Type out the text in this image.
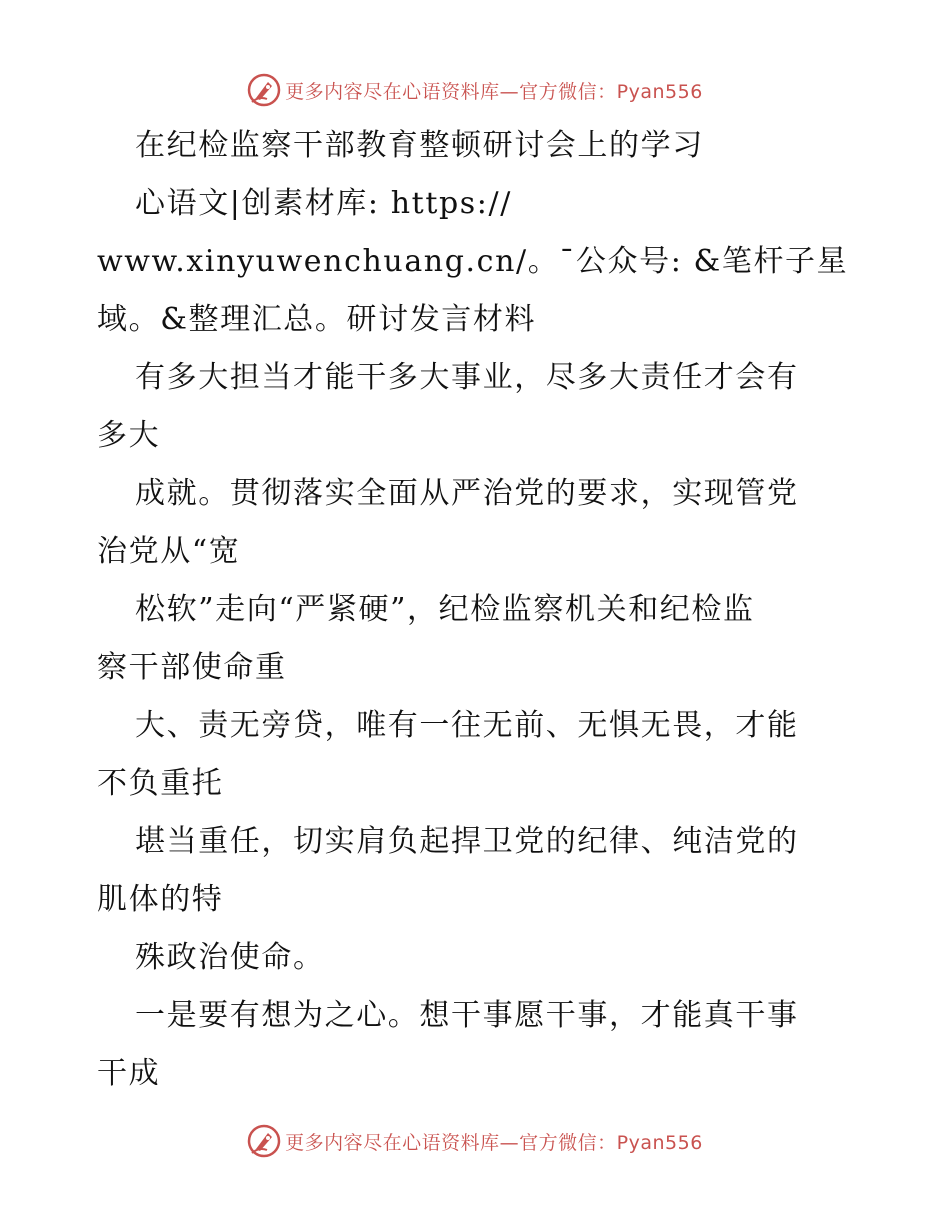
更多内容尽在心语资料库—官方微信：Pyan556
在纪检监察干部教育整顿研讨会上的学习
心语文|创素材库: https://
www.xinyuwenchuang.cn/。¯公众号: &笔杆子星
域。&整理汇总。研讨发言材料
有多大担当才能干多大事业，尽多大责任才会有
多大
成就。贯彻落实全面从严治党的要求，实现管党
治党从“宽
松软”走向“严紧硬”，纪检监察机关和纪检监
察干部使命重
大、责无旁贷，唯有一往无前、无惧无畏，才能
不负重托
堪当重任，切实肩负起捍卫党的纪律、纯洁党的
肌体的特
殊政治使命。
一是要有想为之心。想干事愿干事，才能真干事
干成
更多内容尽在心语资料库—官方微信：Pyan556
